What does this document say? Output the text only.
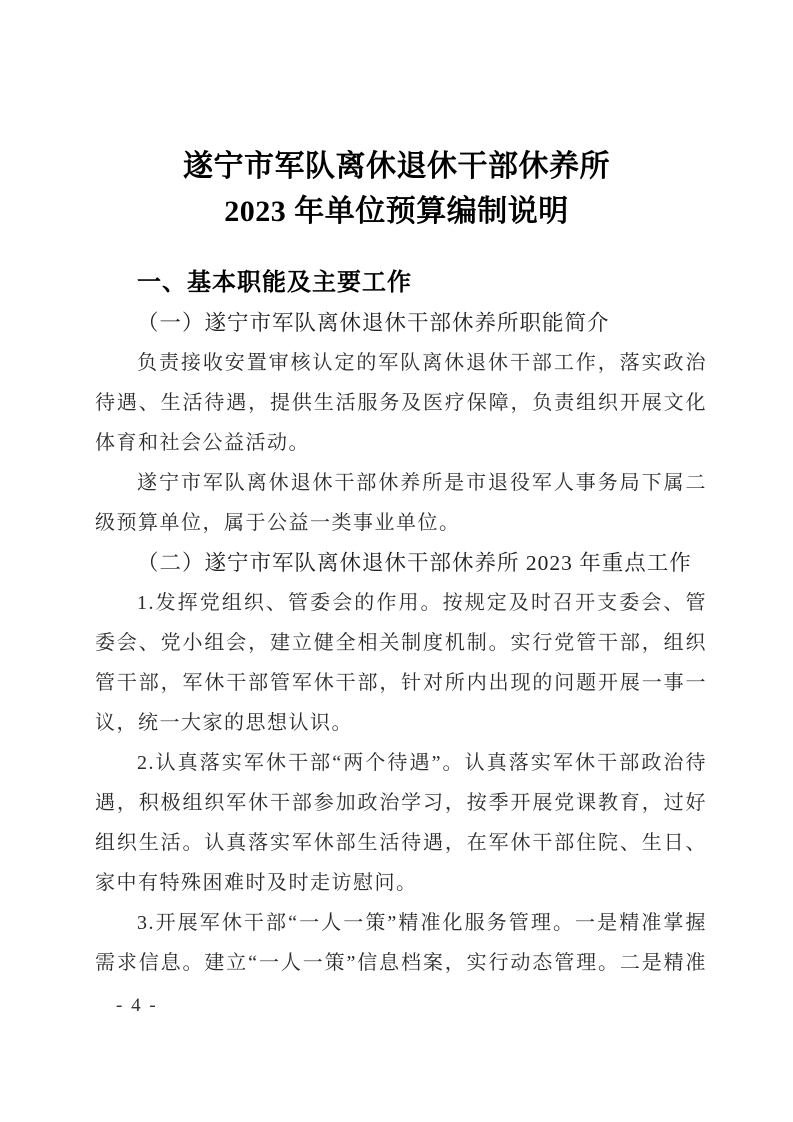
遂宁市军队离休退休干部休养所
2023 年单位预算编制说明
一、基本职能及主要工作
（一）遂宁市军队离休退休干部休养所职能简介
负责接收安置审核认定的军队离休退休干部工作，落实政治
待遇、生活待遇，提供生活服务及医疗保障，负责组织开展文化
体育和社会公益活动。
遂宁市军队离休退休干部休养所是市退役军人事务局下属二
级预算单位，属于公益一类事业单位。
（二）遂宁市军队离休退休干部休养所 2023 年重点工作
1.发挥党组织、管委会的作用。按规定及时召开支委会、管
委会、党小组会，建立健全相关制度机制。实行党管干部，组织
管干部，军休干部管军休干部，针对所内出现的问题开展一事一
议，统一大家的思想认识。
2.认真落实军休干部“两个待遇”。认真落实军休干部政治待
遇，积极组织军休干部参加政治学习，按季开展党课教育，过好
组织生活。认真落实军休部生活待遇，在军休干部住院、生日、
家中有特殊困难时及时走访慰问。
3.开展军休干部“一人一策”精准化服务管理。一是精准掌握
需求信息。建立“一人一策”信息档案，实行动态管理。二是精准
- 4 -
